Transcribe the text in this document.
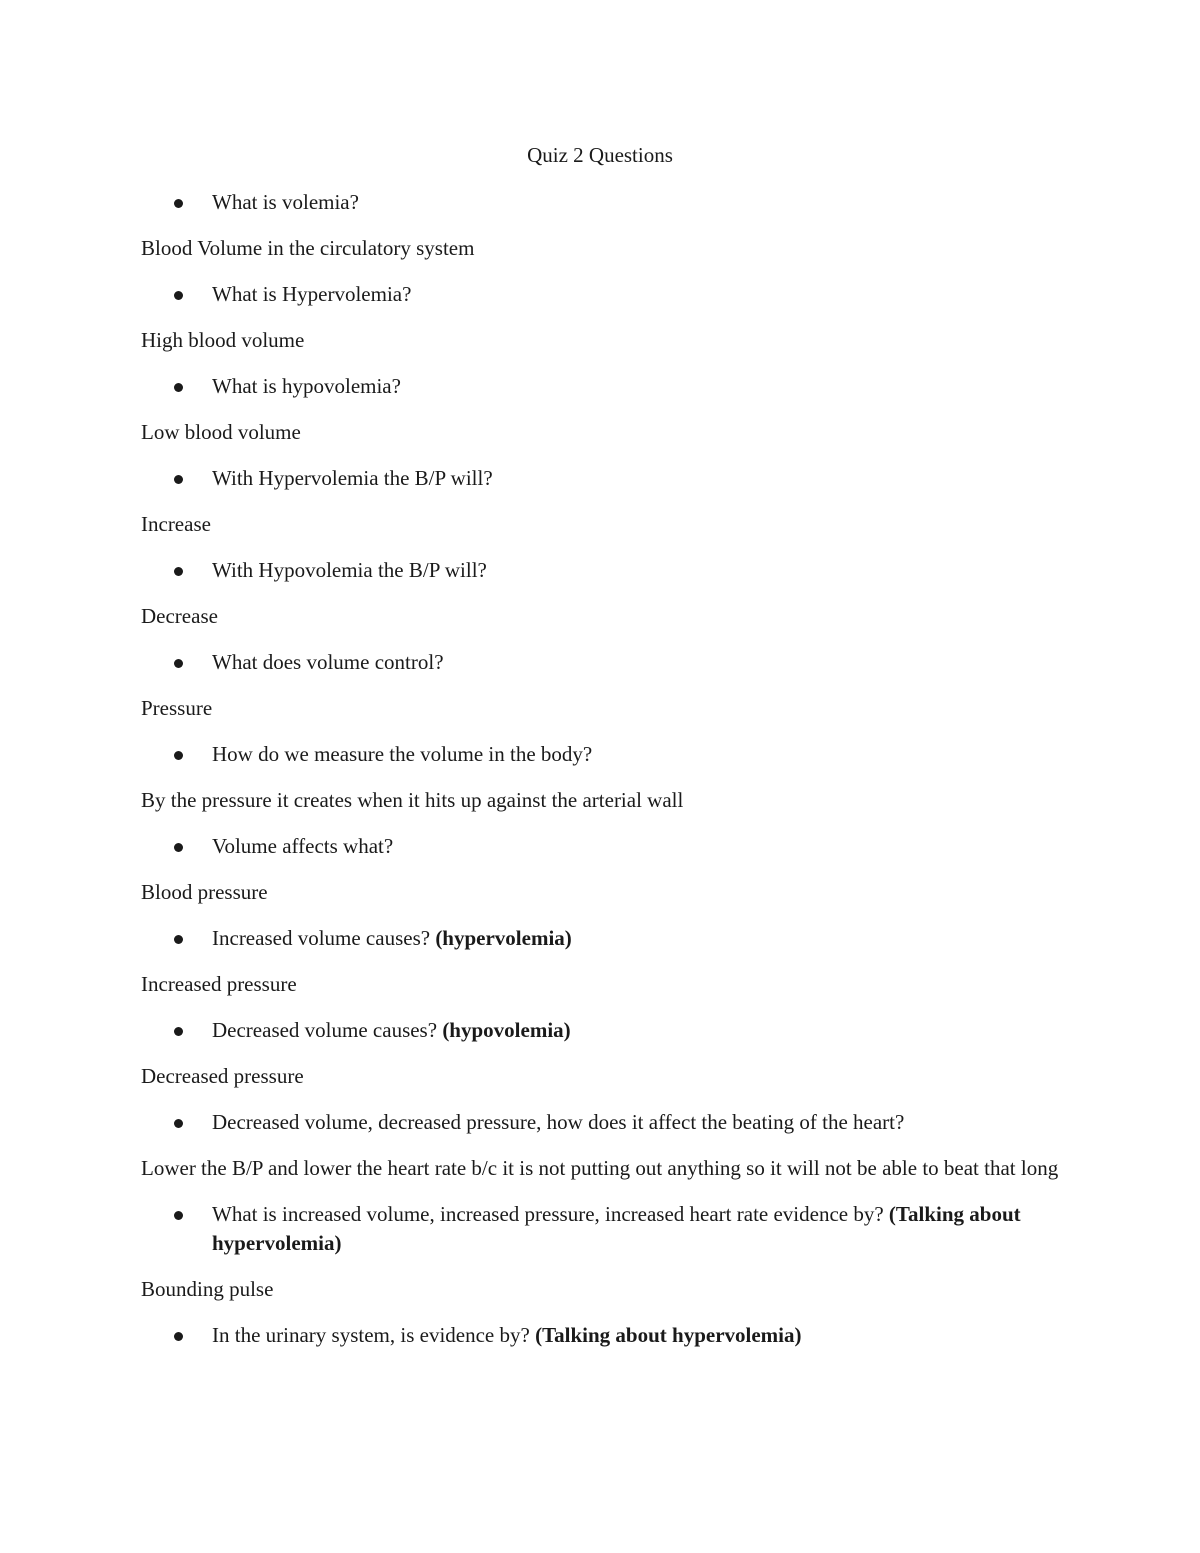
Quiz 2 Questions
What is volemia?
Blood Volume in the circulatory system
What is Hypervolemia?
High blood volume
What is hypovolemia?
Low blood volume
With Hypervolemia the B/P will?
Increase
With Hypovolemia the B/P will?
Decrease
What does volume control?
Pressure
How do we measure the volume in the body?
By the pressure it creates when it hits up against the arterial wall
Volume affects what?
Blood pressure
Increased volume causes? (hypervolemia)
Increased pressure
Decreased volume causes? (hypovolemia)
Decreased pressure
Decreased volume, decreased pressure, how does it affect the beating of the heart?
Lower the B/P and lower the heart rate b/c it is not putting out anything so it will not be able to beat that long
What is increased volume, increased pressure, increased heart rate evidence by? (Talking about hypervolemia)
Bounding pulse
In the urinary system, is evidence by? (Talking about hypervolemia)
